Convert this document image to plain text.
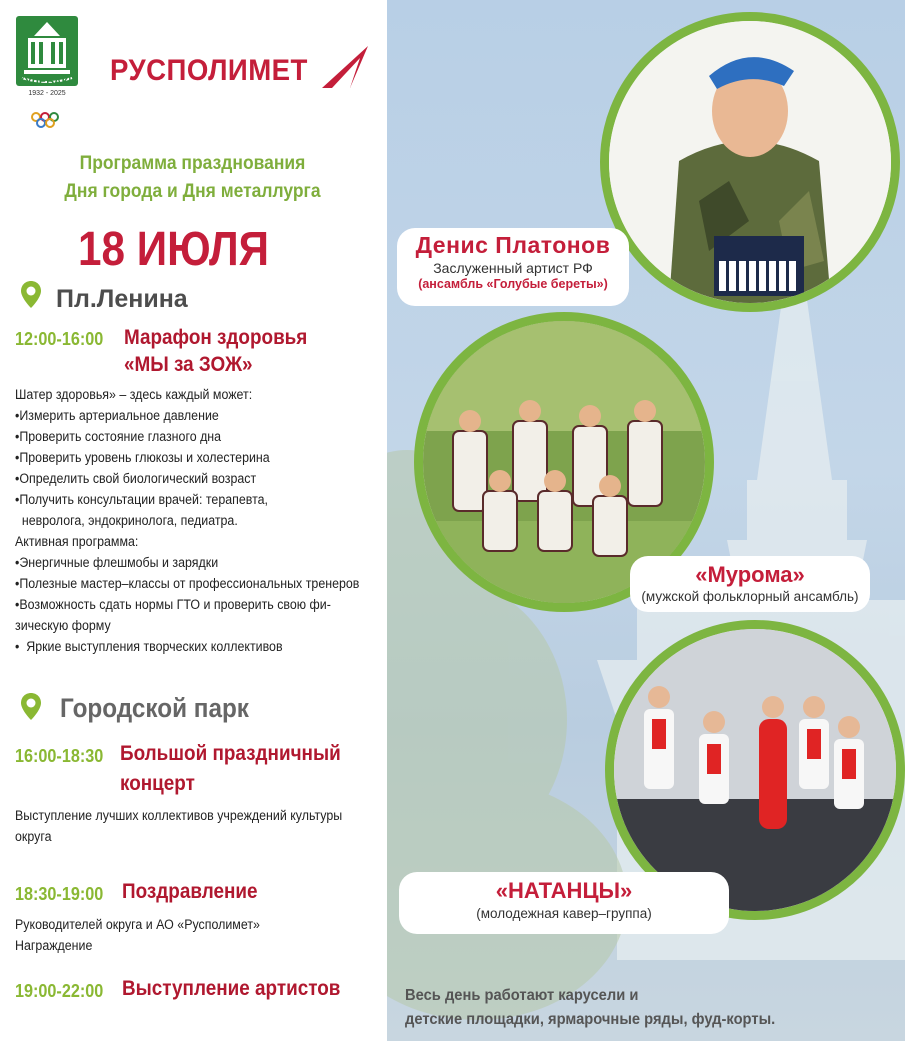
КУЛЕБАКИ
1932 - 2025
РУСПОЛИМЕТ
Программа празднования
Дня города и Дня металлурга
18 ИЮЛЯ
Пл.Ленина
12:00-16:00 Марафон здоровья
«МЫ за ЗОЖ»
Шатер здоровья» – здесь каждый может:
•Измерить артериальное давление
•Проверить состояние глазного дна
•Проверить уровень глюкозы и холестерина
•Определить свой биологический возраст
•Получить консультации врачей: терапевта,
невролога, эндокринолога, педиатра.
Активная программа:
•Энергичные флешмобы и зарядки
•Полезные мастер–классы от профессиональных тренеров
•Возможность сдать нормы ГТО и проверить свою фи-
зическую форму
•  Яркие выступления творческих коллективов
Городской парк
16:00-18:30 Большой праздничный
концерт
Выступление лучших коллективов учреждений культуры
округа
18:30-19:00 Поздравление
Руководителей округа и АО «Русполимет»
Награждение
19:00-22:00 Выступление артистов
Денис Платонов
Заслуженный артист РФ
(ансамбль «Голубые береты»)
«Мурома»
(мужской фольклорный ансамбль)
«НАТАНЦЫ»
(молодежная кавер–группа)
Весь день работают карусели и
детские площадки, ярмарочные ряды, фуд-корты.
